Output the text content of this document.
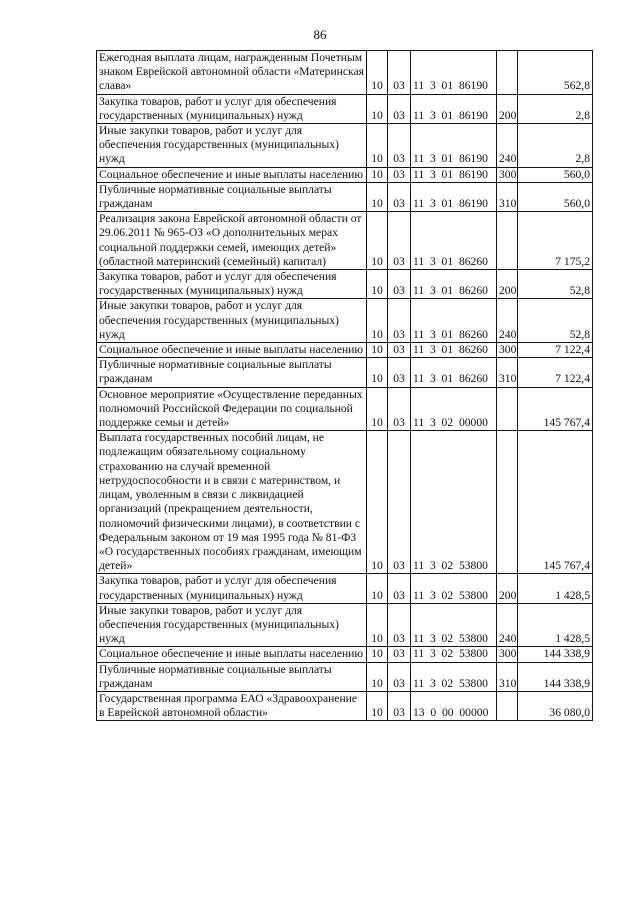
86
Ежегодная выплата лицам, награжденным Почетным знаком Еврейской автономной области «Материнская слава»	10	03	11  3  01  86190		562,8
Закупка товаров, работ и услуг для обеспечения государственных (муниципальных) нужд	10	03	11  3  01  86190	200	2,8
Иные закупки товаров, работ и услуг для обеспечения государственных (муниципальных) нужд	10	03	11  3  01  86190	240	2,8
Социальное обеспечение и иные выплаты населению	10	03	11  3  01  86190	300	560,0
Публичные нормативные социальные выплаты гражданам	10	03	11  3  01  86190	310	560,0
Реализация закона Еврейской автономной области от 29.06.2011 № 965-ОЗ «О дополнительных мерах социальной поддержки семей, имеющих детей» (областной материнский (семейный) капитал)	10	03	11  3  01  86260		7 175,2
Закупка товаров, работ и услуг для обеспечения государственных (муниципальных) нужд	10	03	11  3  01  86260	200	52,8
Иные закупки товаров, работ и услуг для обеспечения государственных (муниципальных) нужд	10	03	11  3  01  86260	240	52,8
Социальное обеспечение и иные выплаты населению	10	03	11  3  01  86260	300	7 122,4
Публичные нормативные социальные выплаты гражданам	10	03	11  3  01  86260	310	7 122,4
Основное мероприятие «Осуществление переданных полномочий Российской Федерации по социальной поддержке семьи и детей»	10	03	11  3  02  00000		145 767,4
Выплата государственных пособий лицам, не подлежащим обязательному социальному страхованию на случай временной нетрудоспособности и в связи с материнством, и лицам, уволенным в связи с ликвидацией организаций (прекращением деятельности, полномочий физическими лицами), в соответствии с Федеральным законом от 19 мая 1995 года № 81-ФЗ «О государственных пособиях гражданам, имеющим детей»	10	03	11  3  02  53800		145 767,4
Закупка товаров, работ и услуг для обеспечения государственных (муниципальных) нужд	10	03	11  3  02  53800	200	1 428,5
Иные закупки товаров, работ и услуг для обеспечения государственных (муниципальных) нужд	10	03	11  3  02  53800	240	1 428,5
Социальное обеспечение и иные выплаты населению	10	03	11  3  02  53800	300	144 338,9
Публичные нормативные социальные выплаты гражданам	10	03	11  3  02  53800	310	144 338,9
Государственная программа ЕАО «Здравоохранение в Еврейской автономной области»	10	03	13  0  00  00000		36 080,0
